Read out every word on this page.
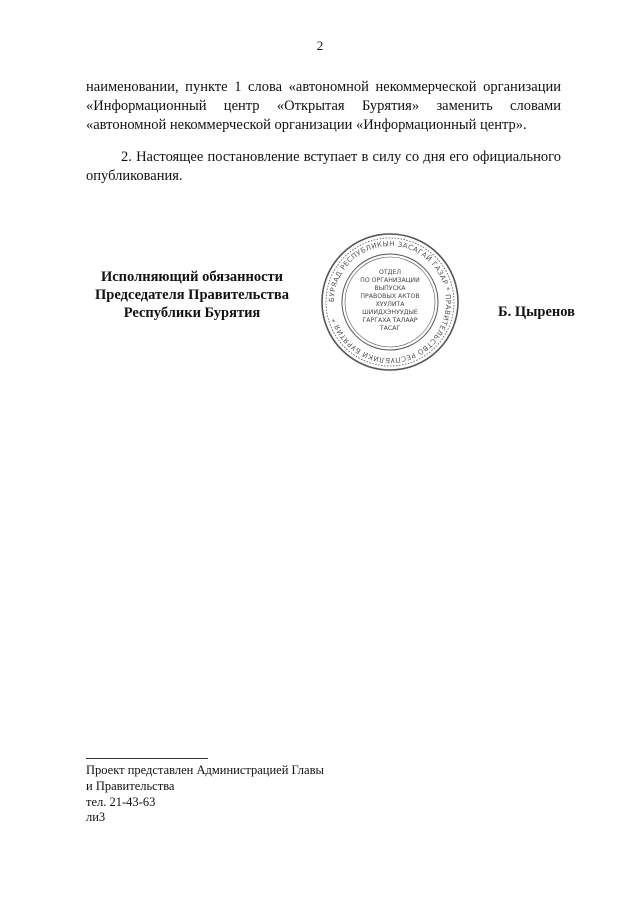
2
наименовании, пункте 1 слова «автономной некоммерческой организации «Информационный центр «Открытая Бурятия» заменить словами «автономной некоммерческой организации «Информационный центр».
2. Настоящее постановление вступает в силу со дня его официального опубликования.
Исполняющий обязанности
Председателя Правительства
Республики Бурятия
БУРЯАД РЕСПУБЛИКЫН ЗАСАГАЙ ГАЗАР * ПРАВИТЕЛЬСТВО РЕСПУБЛИКИ БУРЯТИЯ *
ОТДЕЛ
ПО ОРГАНИЗАЦИИ
ВЫПУСКА
ПРАВОВЫХ АКТОВ
ХУУЛИТА
ШИИДХЭНУУДЫЕ
ГАРГАХА ТАЛААР
ТАСАГ
Б. Цыренов
Проект представлен Администрацией Главы
и Правительства
тел. 21-43-63
ли3
